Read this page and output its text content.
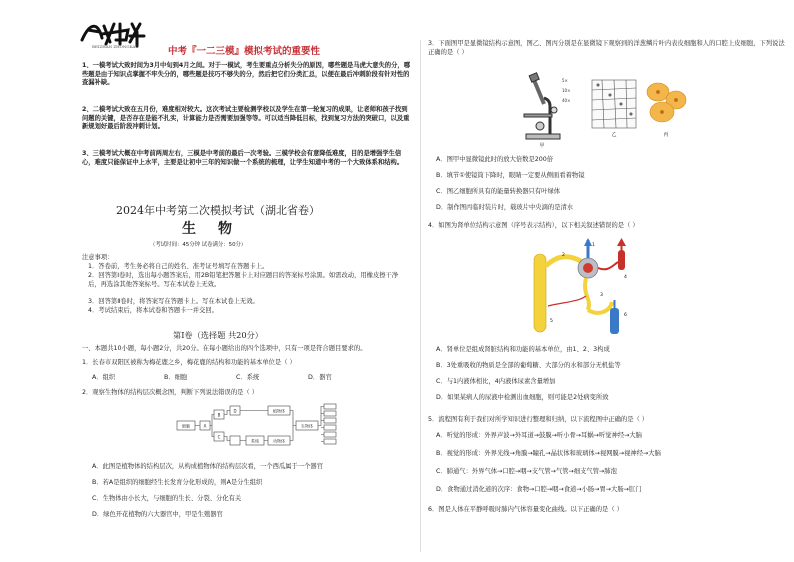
BEIZHAN ZHONGKAO	中考『一二三模』模拟考试的重要性

1、一模考试大致时间为3月中旬到4月之间。对于一模试，考生要重点分析失分的原因，哪些题是马虎大意失的分，哪些题是由于知识点掌握不牢失分的，哪些题是技巧不够失的分，然后把它们分类汇总，以便在最后冲刺阶段有针对性的查漏补缺。

2、二模考试大致在五月份，难度相对较大。这次考试主要检测学校以及学生在第一轮复习的成果，让老师和孩子找到问题的关键，是否存在是能不扎实，计算能力是否需要加强等等。可以适当降低目标，找到复习方法的突破口，以及重新规划好最后阶段冲刺计划。

3、三模考试大概在中考前两周左右，三模是中考前的最后一次考验。三模学校会有意降低难度，目的是增强学生信心，难度只能保证中上水平，主要是让初中三年的知识做一个系统的梳理，让学生知道中考的一个大致体系和结构。

2024年中考第二次模拟考试（湖北省卷）
生物

（考试时间：45分钟 试卷满分：50分）

注意事项：

1．答卷前，考生务必将自己的姓名、准考证号填写在答题卡上。

2．回答第Ⅰ卷时，选出每小题答案后，用2B铅笔把答题卡上对应题目的答案标号涂黑。如需改动，用橡皮擦干净后，再选涂其他答案标号。写在本试卷上无效。

3．回答第Ⅱ卷时，将答案写在答题卡上。写在本试卷上无效。

4．考试结束后，将本试卷和答题卡一并交回。

第Ⅰ卷（选择题 共20分）

一、本题共10小题，每小题2分，共20分。在每小题给出的四个选项中，只有一项是符合题目要求的。

1．长春市双阳区被称为梅花鹿之乡，梅花鹿的结构和功能的基本单位是（ ）

A．组织	B．细胞	C．系统	D．器官

2．观察生物体的结构层次概念图，判断下列说法错误的是（ ）

细胞	A
B
C
D
系统
植物体
动物体
生物体

A．此图是植物体的结构层次，从构成植物体的结构层次看，一个西瓜属于一个器官

B．若A是组织的细胞经生长发育分化形成的，则A是分生组织

C．生物体由小长大，与细胞的生长、分裂、分化有关

D．绿色开花植物的六大器官中，甲是生殖器官

3．下面图甲是显微镜结构示意图，图乙、图丙分别是在显微镜下观察到的洋葱鳞片叶内表皮细胞和人的口腔上皮细胞，下列说法正确的是（ ）

5×
10×
40×
甲
乙	丙

A．图甲中显微镜此时的放大倍数是200倍

B．填节①使镜筒下降时，眼睛一定要从侧面看着物镜

C．图乙细胞所具有的能量转换器只有叶绿体

D．制作图丙临时装片时，载玻片中央滴的是清水

4．如图为肾单位结构示意图（序号表示结构），以下相关叙述错误的是（ ）

1
2
3
4
5
6

A．肾单位是组成肾脏结构和功能的基本单位，由1、2、3构成

B．3处重吸收的物质是全部的葡萄糖、大部分的水和部分无机盐等

C．与1内液体相比，4内液体尿素含量增加

D．如果某病人的尿液中检测出血细胞，则可能是2处病变所致

5．流程图有利于我们对所学知识进行整理和归纳，以下流程图中正确的是（ ）

A．听觉的形成：外界声波→外耳道→鼓膜→听小骨→耳蜗→听觉神经→大脑

B．视觉的形成：外界光线→角膜→瞳孔→晶状体和玻璃体→视网膜→视神经→大脑

C．肺通气：外界气体→口腔→咽→支气管→气管→细支气管→肺泡

D．食物通过消化道的次序：食物→口腔→咽→食道→小肠→胃→大肠→肛门

6．图是人体在平静呼吸时肺内气体容量变化曲线。以下正确的是（ ）
